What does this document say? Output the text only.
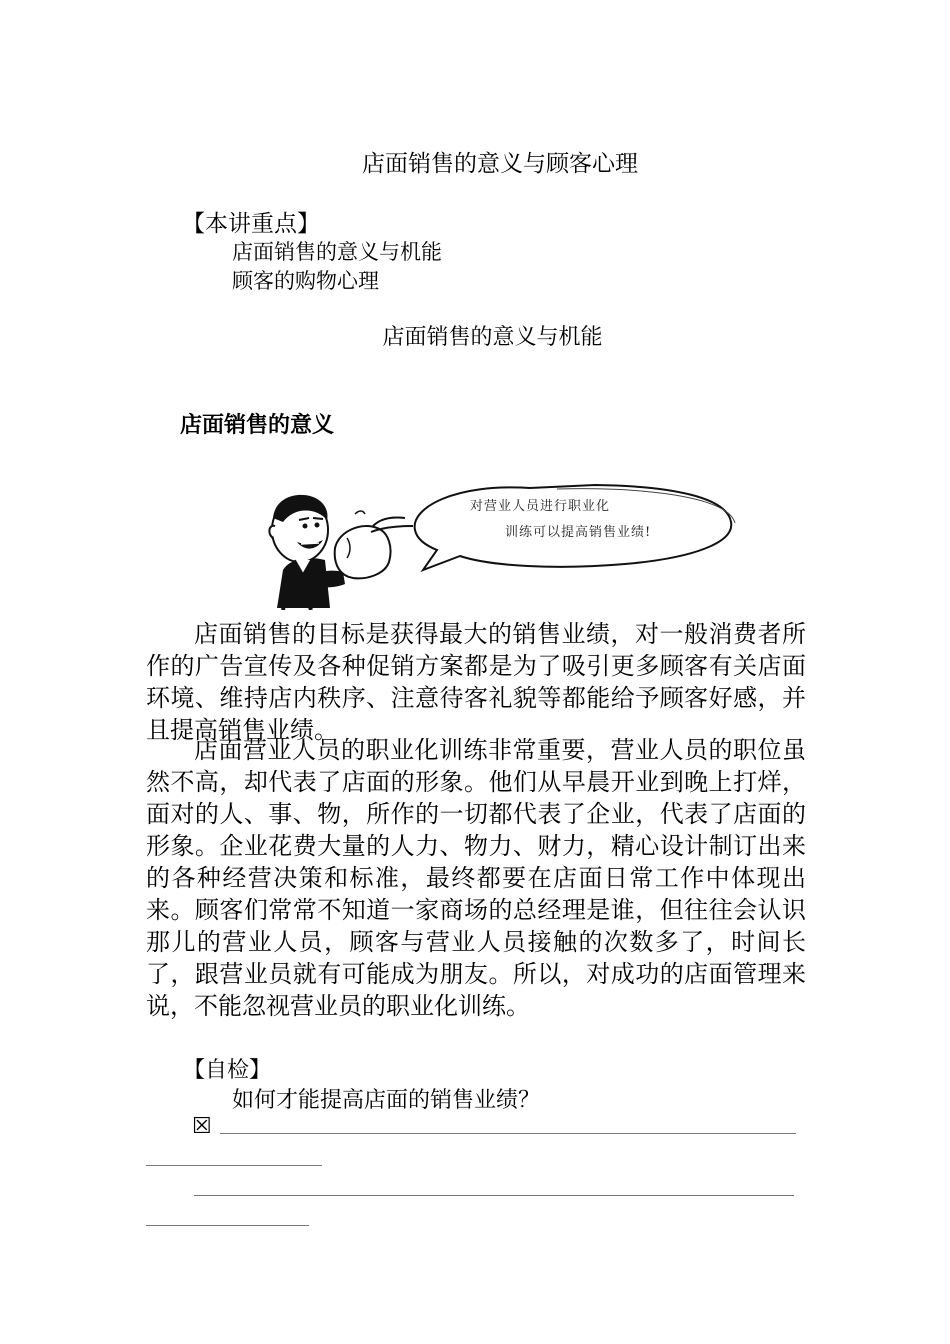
店面销售的意义与顾客心理
【本讲重点】
店面销售的意义与机能
顾客的购物心理
店面销售的意义与机能
店面销售的意义
对营业人员进行职业化
训练可以提高销售业绩!

店面销售的目标是获得最大的销售业绩，对一般消费者所作的广告宣传及各种促销方案都是为了吸引更多顾客有关店面环境、维持店内秩序、注意待客礼貌等都能给予顾客好感，并且提高销售业绩。

店面营业人员的职业化训练非常重要，营业人员的职位虽然不高，却代表了店面的形象。他们从早晨开业到晚上打烊，面对的人、事、物，所作的一切都代表了企业，代表了店面的形象。企业花费大量的人力、物力、财力，精心设计制订出来的各种经营决策和标准，最终都要在店面日常工作中体现出来。顾客们常常不知道一家商场的总经理是谁，但往往会认识那儿的营业人员，顾客与营业人员接触的次数多了，时间长了，跟营业员就有可能成为朋友。所以，对成功的店面管理来说，不能忽视营业员的职业化训练。

【自检】
如何才能提高店面的销售业绩？
☒
